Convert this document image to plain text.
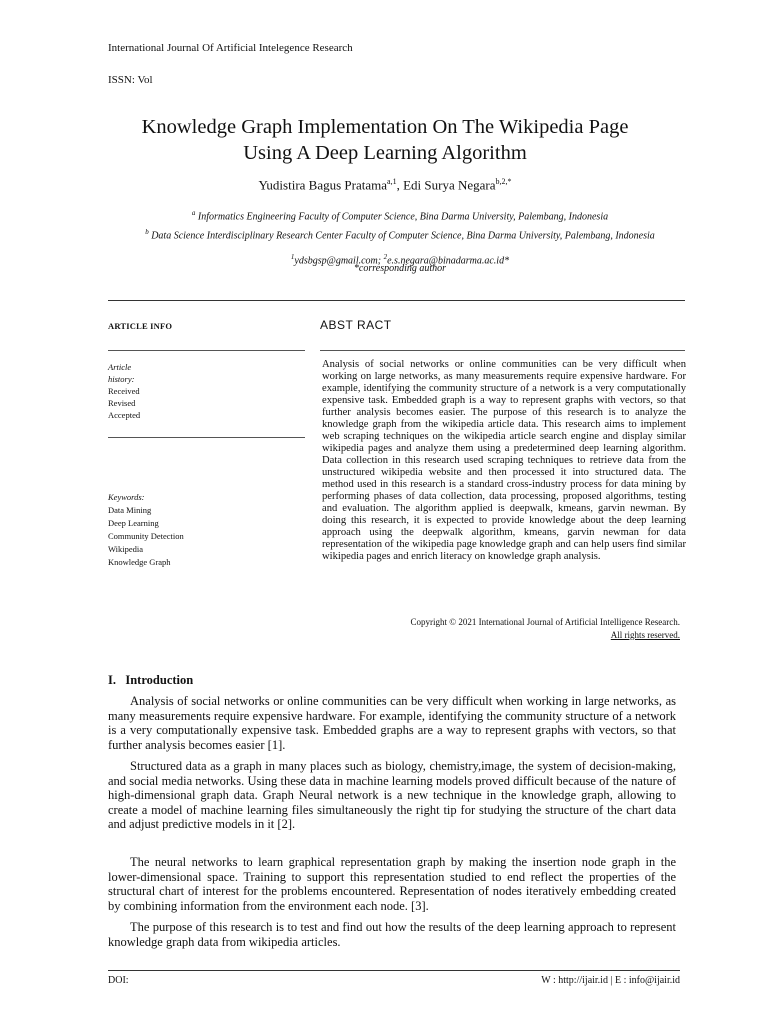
International Journal Of Artificial Intelegence Research
ISSN: Vol
Knowledge Graph Implementation On The Wikipedia Page
Using A Deep Learning Algorithm
Yudistira Bagus Pratama$^{a,1}$, Edi Surya Negara$^{b,2,*}$
$^a$ Informatics Engineering Faculty of Computer Science, Bina Darma University, Palembang, Indonesia
$^b$ Data Science Interdisciplinary Research Center Faculty of Computer Science, Bina Darma University, Palembang, Indonesia
$^1$ydsbgsp@gmail.com; $^2$e.s.negara@binadarma.ac.id*
*corresponding author
ARTICLE INFO	ABST RACT
Article
history:
Received
Revised
Accepted
Keywords:
Data Mining
Deep Learning
Community Detection
Wikipedia
Knowledge Graph
Analysis of social networks or online communities can be very difficult when working on large networks, as many measurements require expensive hardware. For example, identifying the community structure of a network is a very computationally expensive task. Embedded graph is a way to represent graphs with vectors, so that further analysis becomes easier. The purpose of this research is to analyze the knowledge graph from the wikipedia article data. This research aims to implement web scraping techniques on the wikipedia article search engine and display similar wikipedia pages and analyze them using a predetermined deep learning algorithm. Data collection in this research used scraping techniques to retrieve data from the unstructured wikipedia website and then processed it into structured data. The method used in this research is a standard cross-industry process for data mining by performing phases of data collection, data processing, proposed algorithms, testing and evaluation. The algorithm applied is deepwalk, kmeans, garvin newman. By doing this research, it is expected to provide knowledge about the deep learning approach using the deepwalk algorithm, kmeans, garvin newman for data representation of the wikipedia page knowledge graph and can help users find similar wikipedia pages and enrich literacy on knowledge graph analysis.
Copyright © 2021 International Journal of Artificial Intelligence Research.
All rights reserved.
I.   Introduction
Analysis of social networks or online communities can be very difficult when working in large networks, as many measurements require expensive hardware. For example, identifying the community structure of a network is a very computationally expensive task. Embedded graphs are a way to represent graphs with vectors, so that further analysis becomes easier [1].
Structured data as a graph in many places such as biology, chemistry,image, the system of decision-making, and social media networks. Using these data in machine learning models proved difficult because of the nature of high-dimensional graph data. Graph Neural network is a new technique in the knowledge graph, allowing to create a model of machine learning files simultaneously the right tip for studying the structure of the chart data and adjust predictive models in it [2].
The neural networks to learn graphical representation graph by making the insertion node graph in the lower-dimensional space. Training to support this representation studied to end reflect the properties of the structural chart of interest for the problems encountered. Representation of nodes iteratively embedding created by combining information from the environment each node. [3].
The purpose of this research is to test and find out how the results of the deep learning approach to represent knowledge graph data from wikipedia articles.
DOI:	W : http://ijair.id | E : info@ijair.id
